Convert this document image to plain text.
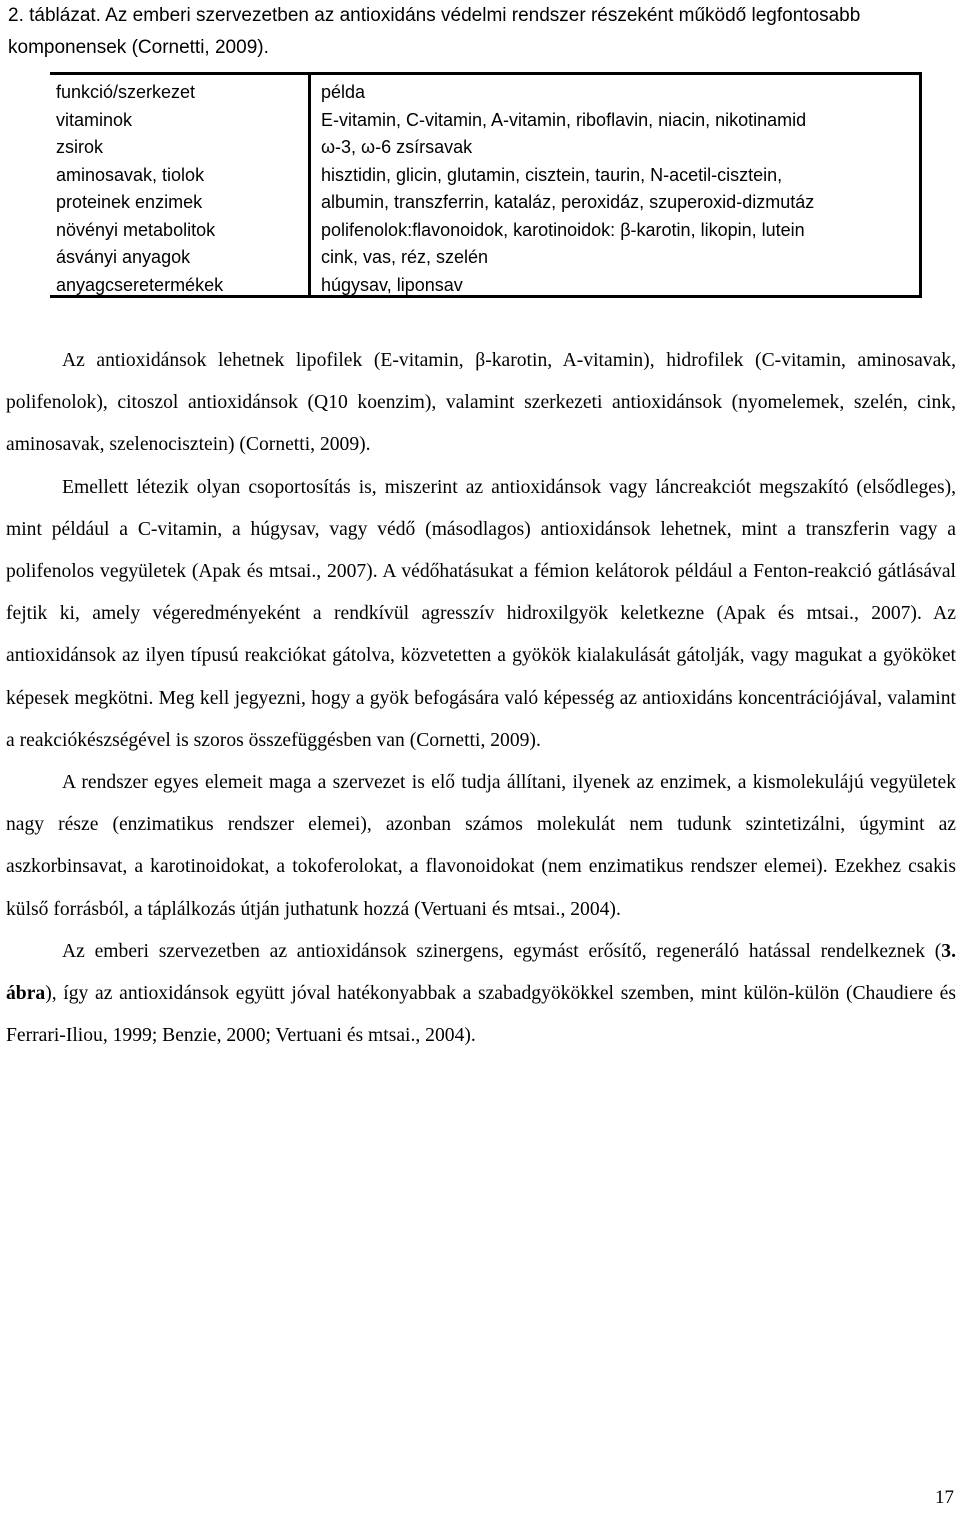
2. táblázat. Az emberi szervezetben az antioxidáns védelmi rendszer részeként működő legfontosabb
komponensek (Cornetti, 2009).
funkció/szerkezet
vitaminok
zsirok
aminosavak, tiolok
proteinek enzimek
növényi metabolitok
ásványi anyagok
anyagcseretermékek
példa
E-vitamin, C-vitamin, A-vitamin, riboflavin, niacin, nikotinamid
ω-3, ω-6 zsírsavak
hisztidin, glicin, glutamin, cisztein, taurin, N-acetil-cisztein,
albumin, transzferrin, kataláz, peroxidáz, szuperoxid-dizmutáz
polifenolok:flavonoidok, karotinoidok: β-karotin, likopin, lutein
cink, vas, réz, szelén
húgysav, liponsav

Az antioxidánsok lehetnek lipofilek (E-vitamin, β-karotin, A-vitamin), hidrofilek (C-vitamin, aminosavak, polifenolok), citoszol antioxidánsok (Q10 koenzim), valamint szerkezeti antioxidánsok (nyomelemek, szelén, cink, aminosavak, szelenocisztein) (Cornetti, 2009).

Emellett létezik olyan csoportosítás is, miszerint az antioxidánsok vagy láncreakciót megszakító (elsődleges), mint például a C-vitamin, a húgysav, vagy védő (másodlagos) antioxidánsok lehetnek, mint a transzferin vagy a polifenolos vegyületek (Apak és mtsai., 2007). A védőhatásukat a fémion kelátorok például a Fenton-reakció gátlásával fejtik ki, amely végeredményeként a rendkívül agresszív hidroxilgyök keletkezne (Apak és mtsai., 2007). Az antioxidánsok az ilyen típusú reakciókat gátolva, közvetetten a gyökök kialakulását gátolják, vagy magukat a gyököket képesek megkötni. Meg kell jegyezni, hogy a gyök befogására való képesség az antioxidáns koncentrációjával, valamint a reakciókészségével is szoros összefüggésben van (Cornetti, 2009).

A rendszer egyes elemeit maga a szervezet is elő tudja állítani, ilyenek az enzimek, a kismolekulájú vegyületek nagy része (enzimatikus rendszer elemei), azonban számos molekulát nem tudunk szintetizálni, úgymint az aszkorbinsavat, a karotinoidokat, a tokoferolokat, a flavonoidokat (nem enzimatikus rendszer elemei). Ezekhez csakis külső forrásból, a táplálkozás útján juthatunk hozzá (Vertuani és mtsai., 2004).

Az emberi szervezetben az antioxidánsok szinergens, egymást erősítő, regeneráló hatással rendelkeznek (3. ábra), így az antioxidánsok együtt jóval hatékonyabbak a szabadgyökökkel szemben, mint külön-külön (Chaudiere és Ferrari-Iliou, 1999; Benzie, 2000; Vertuani és mtsai., 2004).

17
